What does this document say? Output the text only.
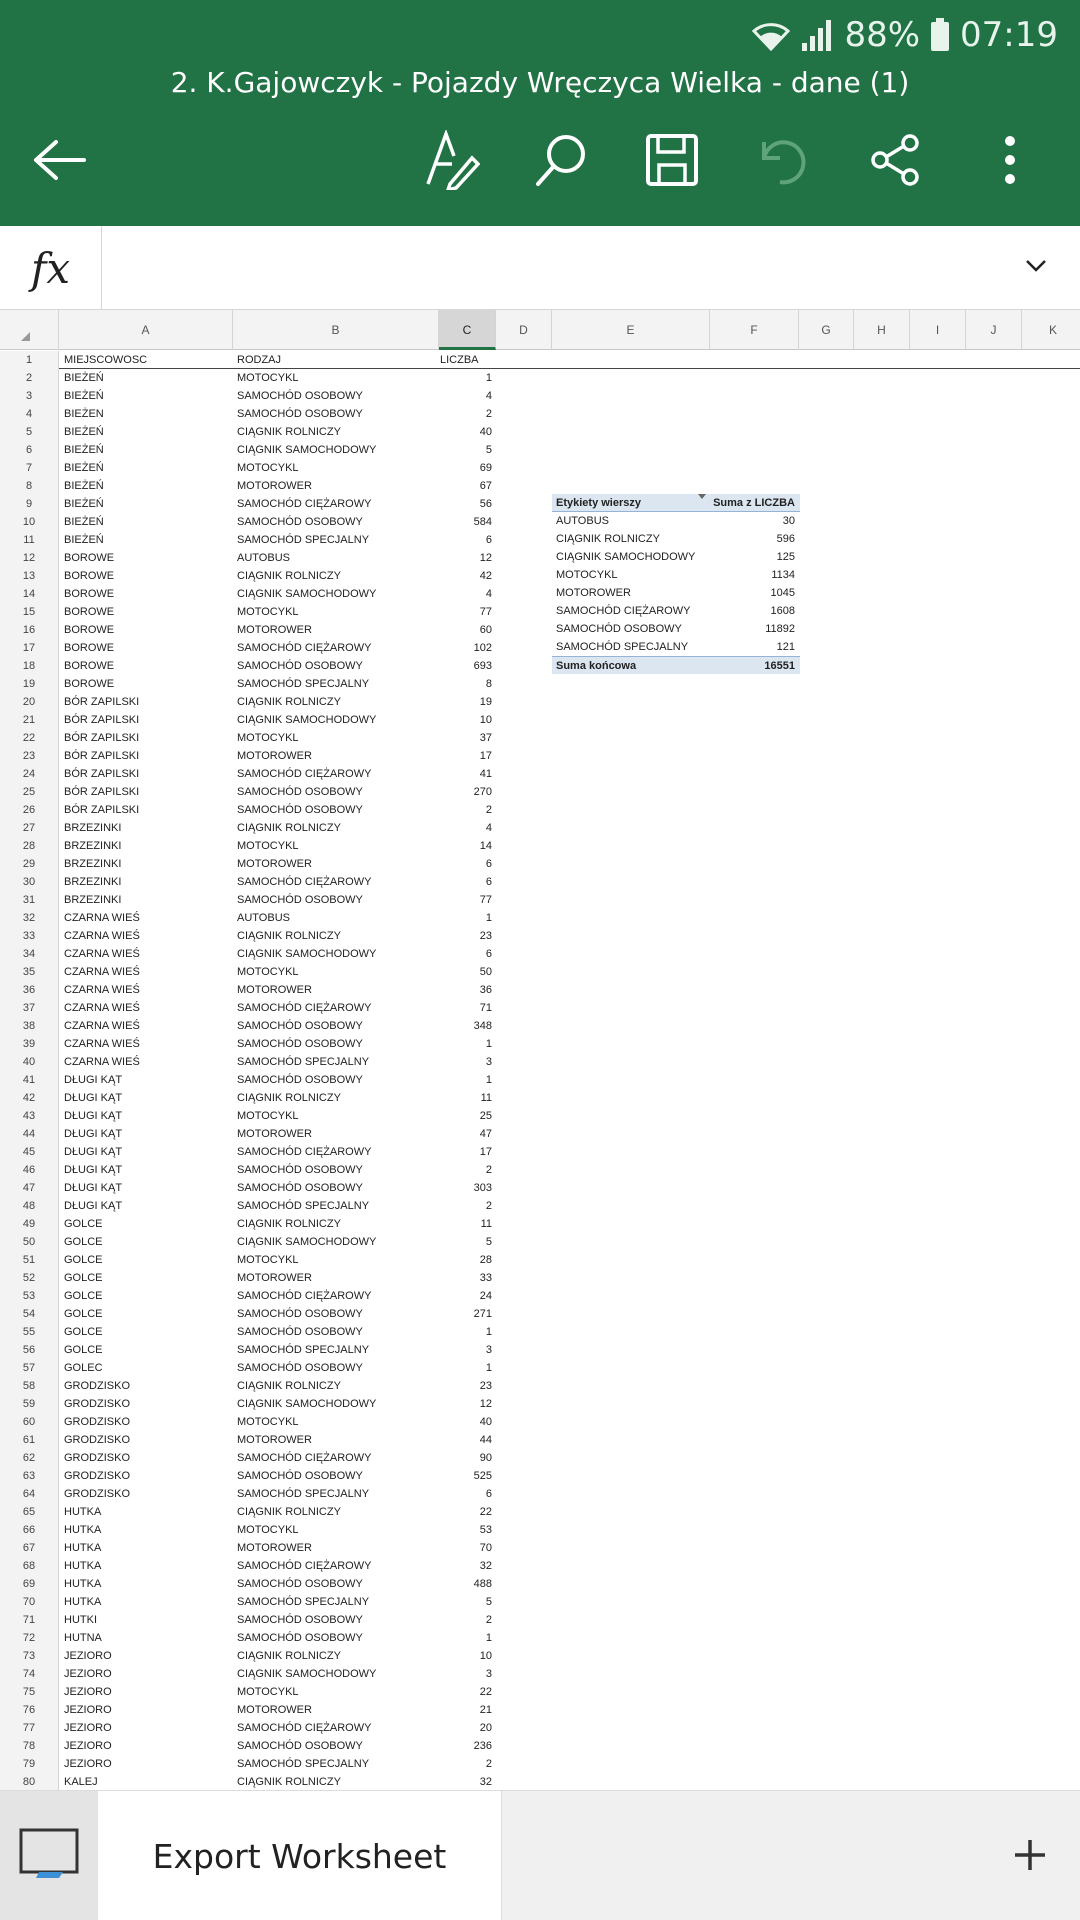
88% 07:19
2. K.Gajowczyk - Pojazdy Wręczyca Wielka - dane (1)
fx
A	B	C	D	E	F	G	H	I	J	K
1	MIEJSCOWOSC	RODZAJ	LICZBA
2	BIEŻEŃ	MOTOCYKL	1
3	BIEŻEŃ	SAMOCHÓD OSOBOWY	4
4	BIEŻEN	SAMOCHÓD OSOBOWY	2
5	BIEŻEŃ	CIĄGNIK ROLNICZY	40
6	BIEŻEŃ	CIĄGNIK SAMOCHODOWY	5
7	BIEŻEŃ	MOTOCYKL	69
8	BIEŻEŃ	MOTOROWER	67
9	BIEŻEŃ	SAMOCHÓD CIĘŻAROWY	56
10	BIEŻEŃ	SAMOCHÓD OSOBOWY	584
11	BIEŻEŃ	SAMOCHÓD SPECJALNY	6
12	BOROWE	AUTOBUS	12
13	BOROWE	CIĄGNIK ROLNICZY	42
14	BOROWE	CIĄGNIK SAMOCHODOWY	4
15	BOROWE	MOTOCYKL	77
16	BOROWE	MOTOROWER	60
17	BOROWE	SAMOCHÓD CIĘŻAROWY	102
18	BOROWE	SAMOCHÓD OSOBOWY	693
19	BOROWE	SAMOCHÓD SPECJALNY	8
20	BÓR ZAPILSKI	CIĄGNIK ROLNICZY	19
21	BÓR ZAPILSKI	CIĄGNIK SAMOCHODOWY	10
22	BÓR ZAPILSKI	MOTOCYKL	37
23	BÓR ZAPILSKI	MOTOROWER	17
24	BÓR ZAPILSKI	SAMOCHÓD CIĘŻAROWY	41
25	BÓR ZAPILSKI	SAMOCHÓD OSOBOWY	270
26	BÓR ZAPILSKI	SAMOCHÓD OSOBOWY	2
27	BRZEZINKI	CIĄGNIK ROLNICZY	4
28	BRZEZINKI	MOTOCYKL	14
29	BRZEZINKI	MOTOROWER	6
30	BRZEZINKI	SAMOCHÓD CIĘŻAROWY	6
31	BRZEZINKI	SAMOCHÓD OSOBOWY	77
32	CZARNA WIEŚ	AUTOBUS	1
33	CZARNA WIEŚ	CIĄGNIK ROLNICZY	23
34	CZARNA WIEŚ	CIĄGNIK SAMOCHODOWY	6
35	CZARNA WIEŚ	MOTOCYKL	50
36	CZARNA WIEŚ	MOTOROWER	36
37	CZARNA WIEŚ	SAMOCHÓD CIĘŻAROWY	71
38	CZARNA WIEŚ	SAMOCHÓD OSOBOWY	348
39	CZARNA WIEŚ	SAMOCHÓD OSOBOWY	1
40	CZARNA WIEŚ	SAMOCHÓD SPECJALNY	3
41	DŁUGI KĄT	SAMOCHÓD OSOBOWY	1
42	DŁUGI KĄT	CIĄGNIK ROLNICZY	11
43	DŁUGI KĄT	MOTOCYKL	25
44	DŁUGI KĄT	MOTOROWER	47
45	DŁUGI KĄT	SAMOCHÓD CIĘŻAROWY	17
46	DŁUGI KĄT	SAMOCHÓD OSOBOWY	2
47	DŁUGI KĄT	SAMOCHÓD OSOBOWY	303
48	DŁUGI KĄT	SAMOCHÓD SPECJALNY	2
49	GOLCE	CIĄGNIK ROLNICZY	11
50	GOLCE	CIĄGNIK SAMOCHODOWY	5
51	GOLCE	MOTOCYKL	28
52	GOLCE	MOTOROWER	33
53	GOLCE	SAMOCHÓD CIĘŻAROWY	24
54	GOLCE	SAMOCHÓD OSOBOWY	271
55	GOLCE	SAMOCHÓD OSOBOWY	1
56	GOLCE	SAMOCHÓD SPECJALNY	3
57	GOLEC	SAMOCHÓD OSOBOWY	1
58	GRODZISKO	CIĄGNIK ROLNICZY	23
59	GRODZISKO	CIĄGNIK SAMOCHODOWY	12
60	GRODZISKO	MOTOCYKL	40
61	GRODZISKO	MOTOROWER	44
62	GRODZISKO	SAMOCHÓD CIĘŻAROWY	90
63	GRODZISKO	SAMOCHÓD OSOBOWY	525
64	GRODZISKO	SAMOCHÓD SPECJALNY	6
65	HUTKA	CIĄGNIK ROLNICZY	22
66	HUTKA	MOTOCYKL	53
67	HUTKA	MOTOROWER	70
68	HUTKA	SAMOCHÓD CIĘŻAROWY	32
69	HUTKA	SAMOCHÓD OSOBOWY	488
70	HUTKA	SAMOCHÓD SPECJALNY	5
71	HUTKI	SAMOCHÓD OSOBOWY	2
72	HUTNA	SAMOCHÓD OSOBOWY	1
73	JEZIORO	CIĄGNIK ROLNICZY	10
74	JEZIORO	CIĄGNIK SAMOCHODOWY	3
75	JEZIORO	MOTOCYKL	22
76	JEZIORO	MOTOROWER	21
77	JEZIORO	SAMOCHÓD CIĘŻAROWY	20
78	JEZIORO	SAMOCHÓD OSOBOWY	236
79	JEZIORO	SAMOCHÓD SPECJALNY	2
80	KALEJ	CIĄGNIK ROLNICZY	32
Etykiety wierszy	Suma z LICZBA
AUTOBUS	30
CIĄGNIK ROLNICZY	596
CIĄGNIK SAMOCHODOWY	125
MOTOCYKL	1134
MOTOROWER	1045
SAMOCHÓD CIĘŻAROWY	1608
SAMOCHÓD OSOBOWY	11892
SAMOCHÓD SPECJALNY	121
Suma końcowa	16551
Export Worksheet
